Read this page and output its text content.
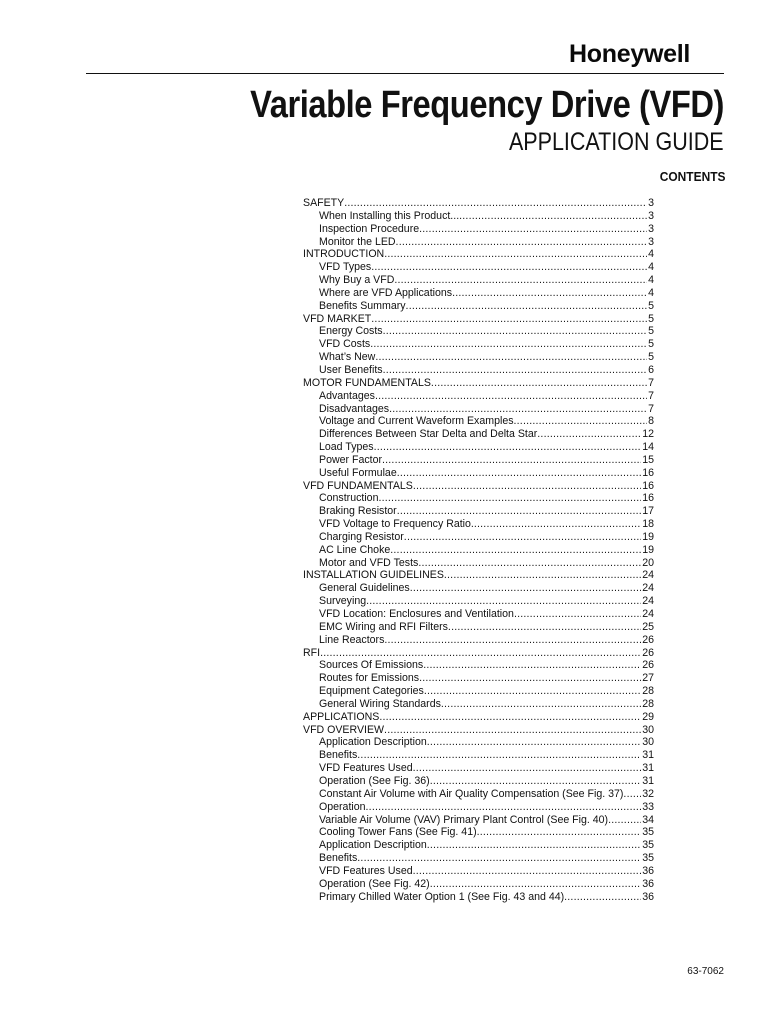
Honeywell
Variable Frequency Drive (VFD)
APPLICATION GUIDE
CONTENTS
SAFETY .....	3
When Installing this Product... .....	3
Inspection Procedure .....	3
Monitor the LED .....	3
INTRODUCTION .....	4
VFD Types .....	4
Why Buy a VFD .....	4
Where are VFD Applications .....	4
Benefits Summary .....	5
VFD MARKET .....	5
Energy Costs .....	5
VFD Costs .....	5
What’s New .....	5
User Benefits .....	6
MOTOR FUNDAMENTALS .....	7
Advantages .....	7
Disadvantages .....	7
Voltage and Current Waveform Examples .....	8
Differences Between Star Delta and Delta Star .....	12
Load Types .....	14
Power Factor .....	15
Useful Formulae .....	16
VFD FUNDAMENTALS .....	16
Construction .....	16
Braking Resistor .....	17
VFD Voltage to Frequency Ratio. .....	18
Charging Resistor .....	19
AC Line Choke .....	19
Motor and VFD Tests .....	20
INSTALLATION GUIDELINES .....	24
General Guidelines .....	24
Surveying .....	24
VFD Location: Enclosures and Ventilation .....	24
EMC Wiring and RFI Filters .....	25
Line Reactors .....	26
RFI .....	26
Sources Of Emissions .....	26
Routes for Emissions .....	27
Equipment Categories .....	28
General Wiring Standards .....	28
APPLICATIONS .....	29
VFD OVERVIEW .....	30
Application Description .....	30
Benefits .....	31
VFD Features Used .....	31
Operation (See Fig. 36) .....	31
Constant Air Volume with Air Quality Compensation (See Fig. 37) ..... 32
Operation .....	33
Variable Air Volume (VAV) Primary Plant Control (See Fig. 40) .....	34
Cooling Tower Fans (See Fig. 41) .....	35
Application Description .....	35
Benefits .....	35
VFD Features Used .....	36
Operation (See Fig. 42) .....	36
Primary Chilled Water Option 1 (See Fig. 43 and 44) .....	36
63-7062
